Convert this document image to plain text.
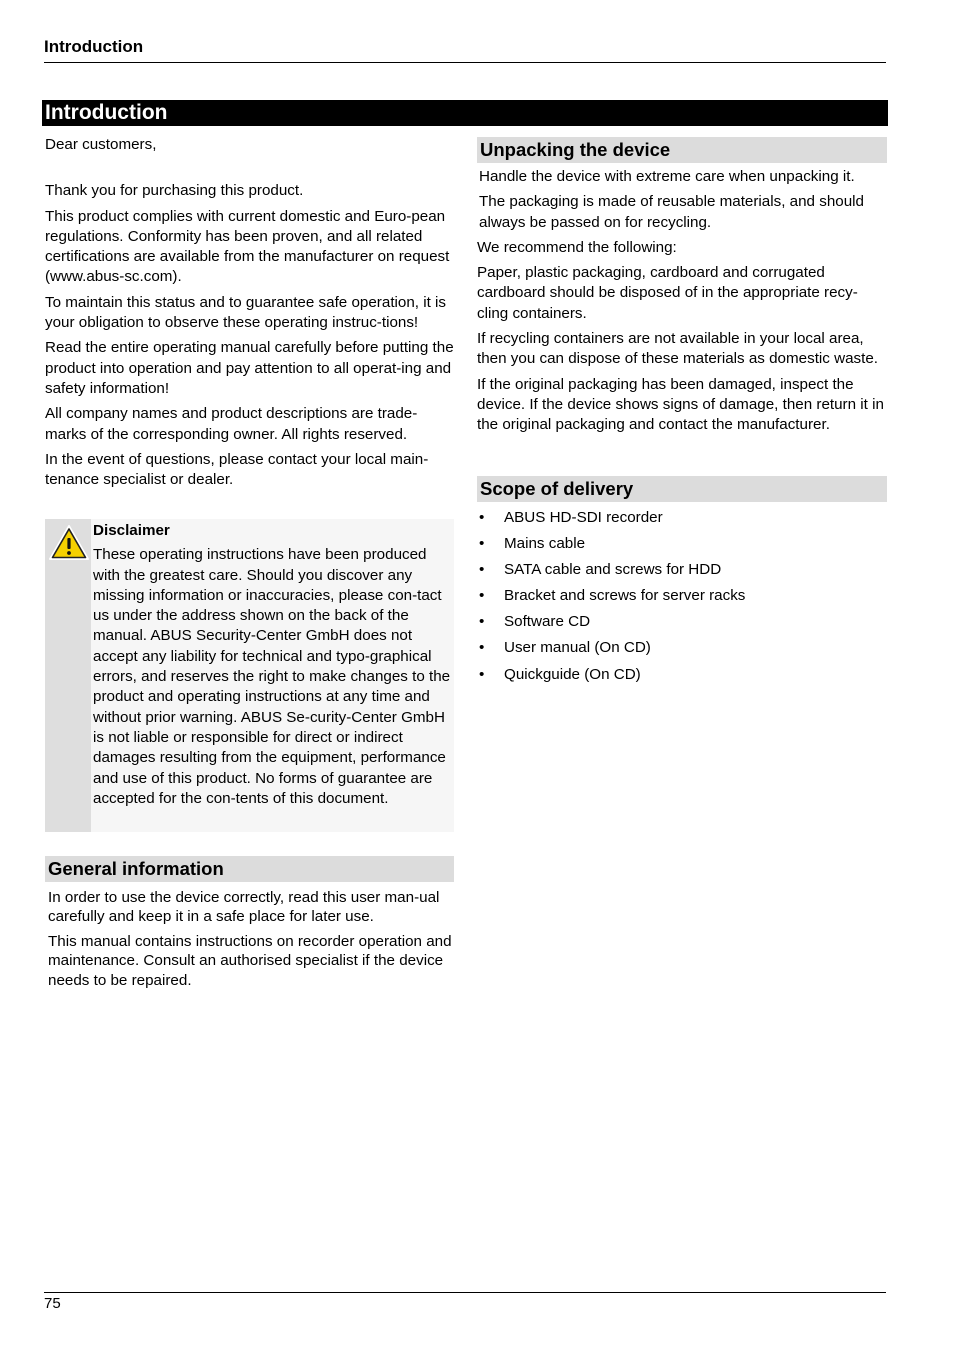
Introduction
Introduction

Dear customers,

Thank you for purchasing this product.

This product complies with current domestic and Euro-pean regulations. Conformity has been proven, and all related certifications are available from the manufacturer on request (www.abus-sc.com).

To maintain this status and to guarantee safe operation, it is your obligation to observe these operating instruc-tions!

Read the entire operating manual carefully before putting the product into operation and pay attention to all operat-ing and safety information!

All company names and product descriptions are trade-marks of the corresponding owner. All rights reserved.

In the event of questions, please contact your local main-tenance specialist or dealer.

Disclaimer
These operating instructions have been produced with the greatest care. Should you discover any missing information or inaccuracies, please con-tact us under the address shown on the back of the manual. ABUS Security-Center GmbH does not accept any liability for technical and typo-graphical errors, and reserves the right to make changes to the product and operating instructions at any time and without prior warning. ABUS Se-curity-Center GmbH is not liable or responsible for direct or indirect damages resulting from the equipment, performance and use of this product. No forms of guarantee are accepted for the con-tents of this document.
General information

In order to use the device correctly, read this user man-ual carefully and keep it in a safe place for later use.

This manual contains instructions on recorder operation and maintenance. Consult an authorised specialist if the device needs to be repaired.

Unpacking the device

Handle the device with extreme care when unpacking it.

The packaging is made of reusable materials, and should always be passed on for recycling.

We recommend the following:

Paper, plastic packaging, cardboard and corrugated cardboard should be disposed of in the appropriate recy-cling containers.

If recycling containers are not available in your local area, then you can dispose of these materials as domestic waste.

If the original packaging has been damaged, inspect the device. If the device shows signs of damage, then return it in the original packaging and contact the manufacturer.

Scope of delivery
• ABUS HD-SDI recorder
• Mains cable
• SATA cable and screws for HDD
• Bracket and screws for server racks
• Software CD
• User manual (On CD)
• Quickguide (On CD)
75
